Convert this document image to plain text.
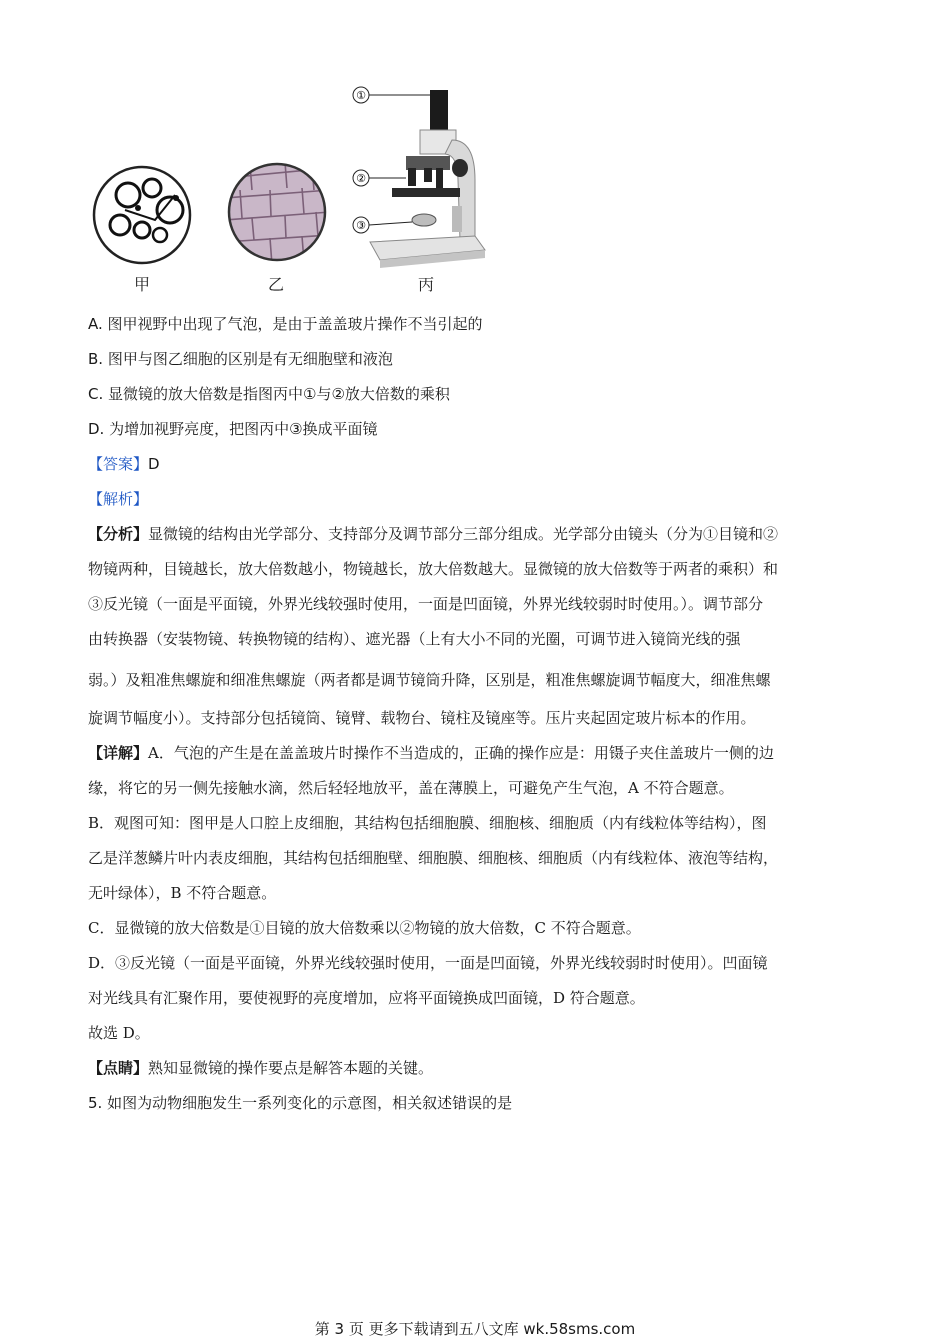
①
②
③
甲	乙	丙
A. 图甲视野中出现了气泡，是由于盖盖玻片操作不当引起的
B. 图甲与图乙细胞的区别是有无细胞壁和液泡
C. 显微镜的放大倍数是指图丙中①与②放大倍数的乘积
D. 为增加视野亮度，把图丙中③换成平面镜
【答案】D
【解析】
【分析】显微镜的结构由光学部分、支持部分及调节部分三部分组成。光学部分由镜头（分为①目镜和②
物镜两种，目镜越长，放大倍数越小，物镜越长，放大倍数越大。显微镜的放大倍数等于两者的乘积）和
③反光镜（一面是平面镜，外界光线较强时使用，一面是凹面镜，外界光线较弱时时使用。）。调节部分
由转换器（安装物镜、转换物镜的结构）、遮光器（上有大小不同的光圈，可调节进入镜筒光线的强
弱。）及粗准焦螺旋和细准焦螺旋（两者都是调节镜筒升降，区别是，粗准焦螺旋调节幅度大，细准焦螺
旋调节幅度小）。支持部分包括镜筒、镜臂、载物台、镜柱及镜座等。压片夹起固定玻片标本的作用。
【详解】A．气泡的产生是在盖盖玻片时操作不当造成的，正确的操作应是：用镊子夹住盖玻片一侧的边
缘，将它的另一侧先接触水滴，然后轻轻地放平，盖在薄膜上，可避免产生气泡，A 不符合题意。
B．观图可知：图甲是人口腔上皮细胞，其结构包括细胞膜、细胞核、细胞质（内有线粒体等结构），图
乙是洋葱鳞片叶内表皮细胞，其结构包括细胞壁、细胞膜、细胞核、细胞质（内有线粒体、液泡等结构，
无叶绿体），B 不符合题意。
C．显微镜的放大倍数是①目镜的放大倍数乘以②物镜的放大倍数，C 不符合题意。
D．③反光镜（一面是平面镜，外界光线较强时使用，一面是凹面镜，外界光线较弱时时使用）。凹面镜
对光线具有汇聚作用，要使视野的亮度增加，应将平面镜换成凹面镜，D 符合题意。
故选 D。
【点睛】熟知显微镜的操作要点是解答本题的关键。
5. 如图为动物细胞发生一系列变化的示意图，相关叙述错误的是
第 3 页 更多下载请到五八文库 wk.58sms.com
